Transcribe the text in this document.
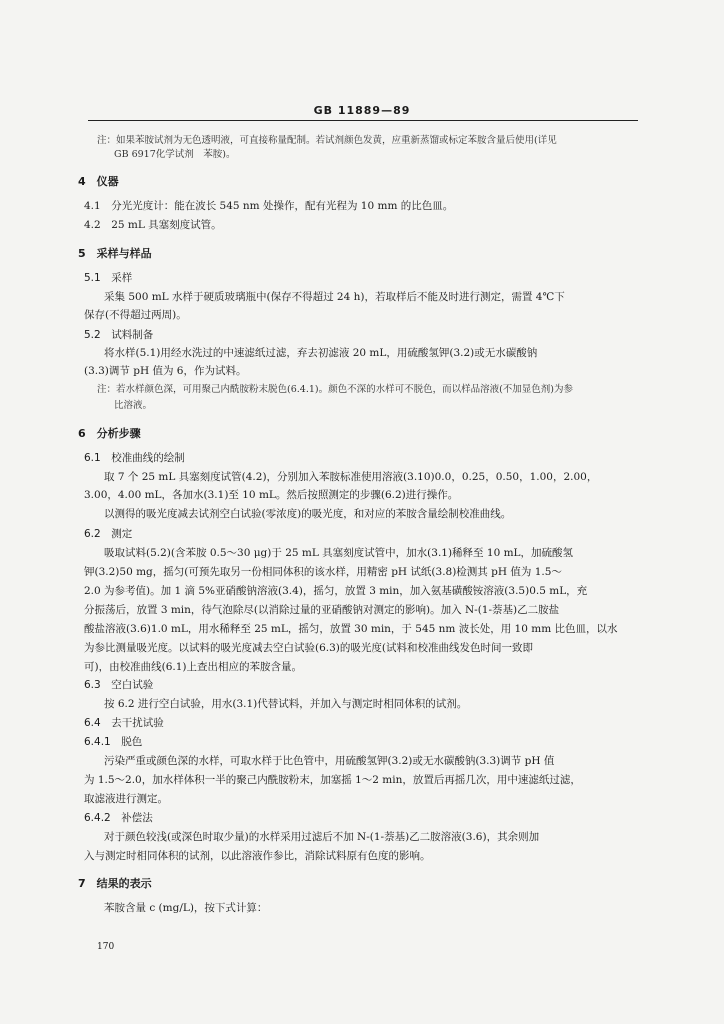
GB 11889—89
注：如果苯胺试剂为无色透明液，可直接称量配制。若试剂颜色发黄，应重新蒸馏或标定苯胺含量后使用(详见
GB 6917化学试剂　苯胺)。
4　仪器
4.1　分光光度计：能在波长 545 nm 处操作，配有光程为 10 mm 的比色皿。
4.2　25 mL 具塞刻度试管。
5　采样与样品
5.1　采样
采集 500 mL 水样于硬质玻璃瓶中(保存不得超过 24 h)，若取样后不能及时进行测定，需置 4℃下
保存(不得超过两周)。
5.2　试料制备
将水样(5.1)用经水洗过的中速滤纸过滤，弃去初滤液 20 mL，用硫酸氢钾(3.2)或无水碳酸钠
(3.3)调节 pH 值为 6，作为试料。
注：若水样颜色深，可用聚己内酰胺粉末脱色(6.4.1)。颜色不深的水样可不脱色，而以样品溶液(不加显色剂)为参
比溶液。
6　分析步骤
6.1　校准曲线的绘制
取 7 个 25 mL 具塞刻度试管(4.2)，分别加入苯胺标准使用溶液(3.10)0.0，0.25，0.50，1.00，2.00，
3.00，4.00 mL，各加水(3.1)至 10 mL。然后按照测定的步骤(6.2)进行操作。
以测得的吸光度减去试剂空白试验(零浓度)的吸光度，和对应的苯胺含量绘制校准曲线。
6.2　测定
吸取试料(5.2)(含苯胺 0.5～30 μg)于 25 mL 具塞刻度试管中，加水(3.1)稀释至 10 mL，加硫酸氢
钾(3.2)50 mg，摇匀(可预先取另一份相同体积的该水样，用精密 pH 试纸(3.8)检测其 pH 值为 1.5～
2.0 为参考值)。加 1 滴 5%亚硝酸钠溶液(3.4)，摇匀，放置 3 min，加入氨基磺酸铵溶液(3.5)0.5 mL，充
分振荡后，放置 3 min，待气泡除尽(以消除过量的亚硝酸钠对测定的影响)。加入 N-(1-萘基)乙二胺盐
酸盐溶液(3.6)1.0 mL，用水稀释至 25 mL，摇匀，放置 30 min，于 545 nm 波长处，用 10 mm 比色皿，以水
为参比测量吸光度。以试料的吸光度减去空白试验(6.3)的吸光度(试料和校准曲线发色时间一致即
可)，由校准曲线(6.1)上查出相应的苯胺含量。
6.3　空白试验
按 6.2 进行空白试验，用水(3.1)代替试料，并加入与测定时相同体积的试剂。
6.4　去干扰试验
6.4.1　脱色
污染严重或颜色深的水样，可取水样于比色管中，用硫酸氢钾(3.2)或无水碳酸钠(3.3)调节 pH 值
为 1.5～2.0，加水样体积一半的聚己内酰胺粉末，加塞摇 1～2 min，放置后再摇几次，用中速滤纸过滤，
取滤液进行测定。
6.4.2　补偿法
对于颜色较浅(或深色时取少量)的水样采用过滤后不加 N-(1-萘基)乙二胺溶液(3.6)，其余则加
入与测定时相同体积的试剂，以此溶液作参比，消除试料原有色度的影响。
7　结果的表示
苯胺含量 c (mg/L)，按下式计算：
170
